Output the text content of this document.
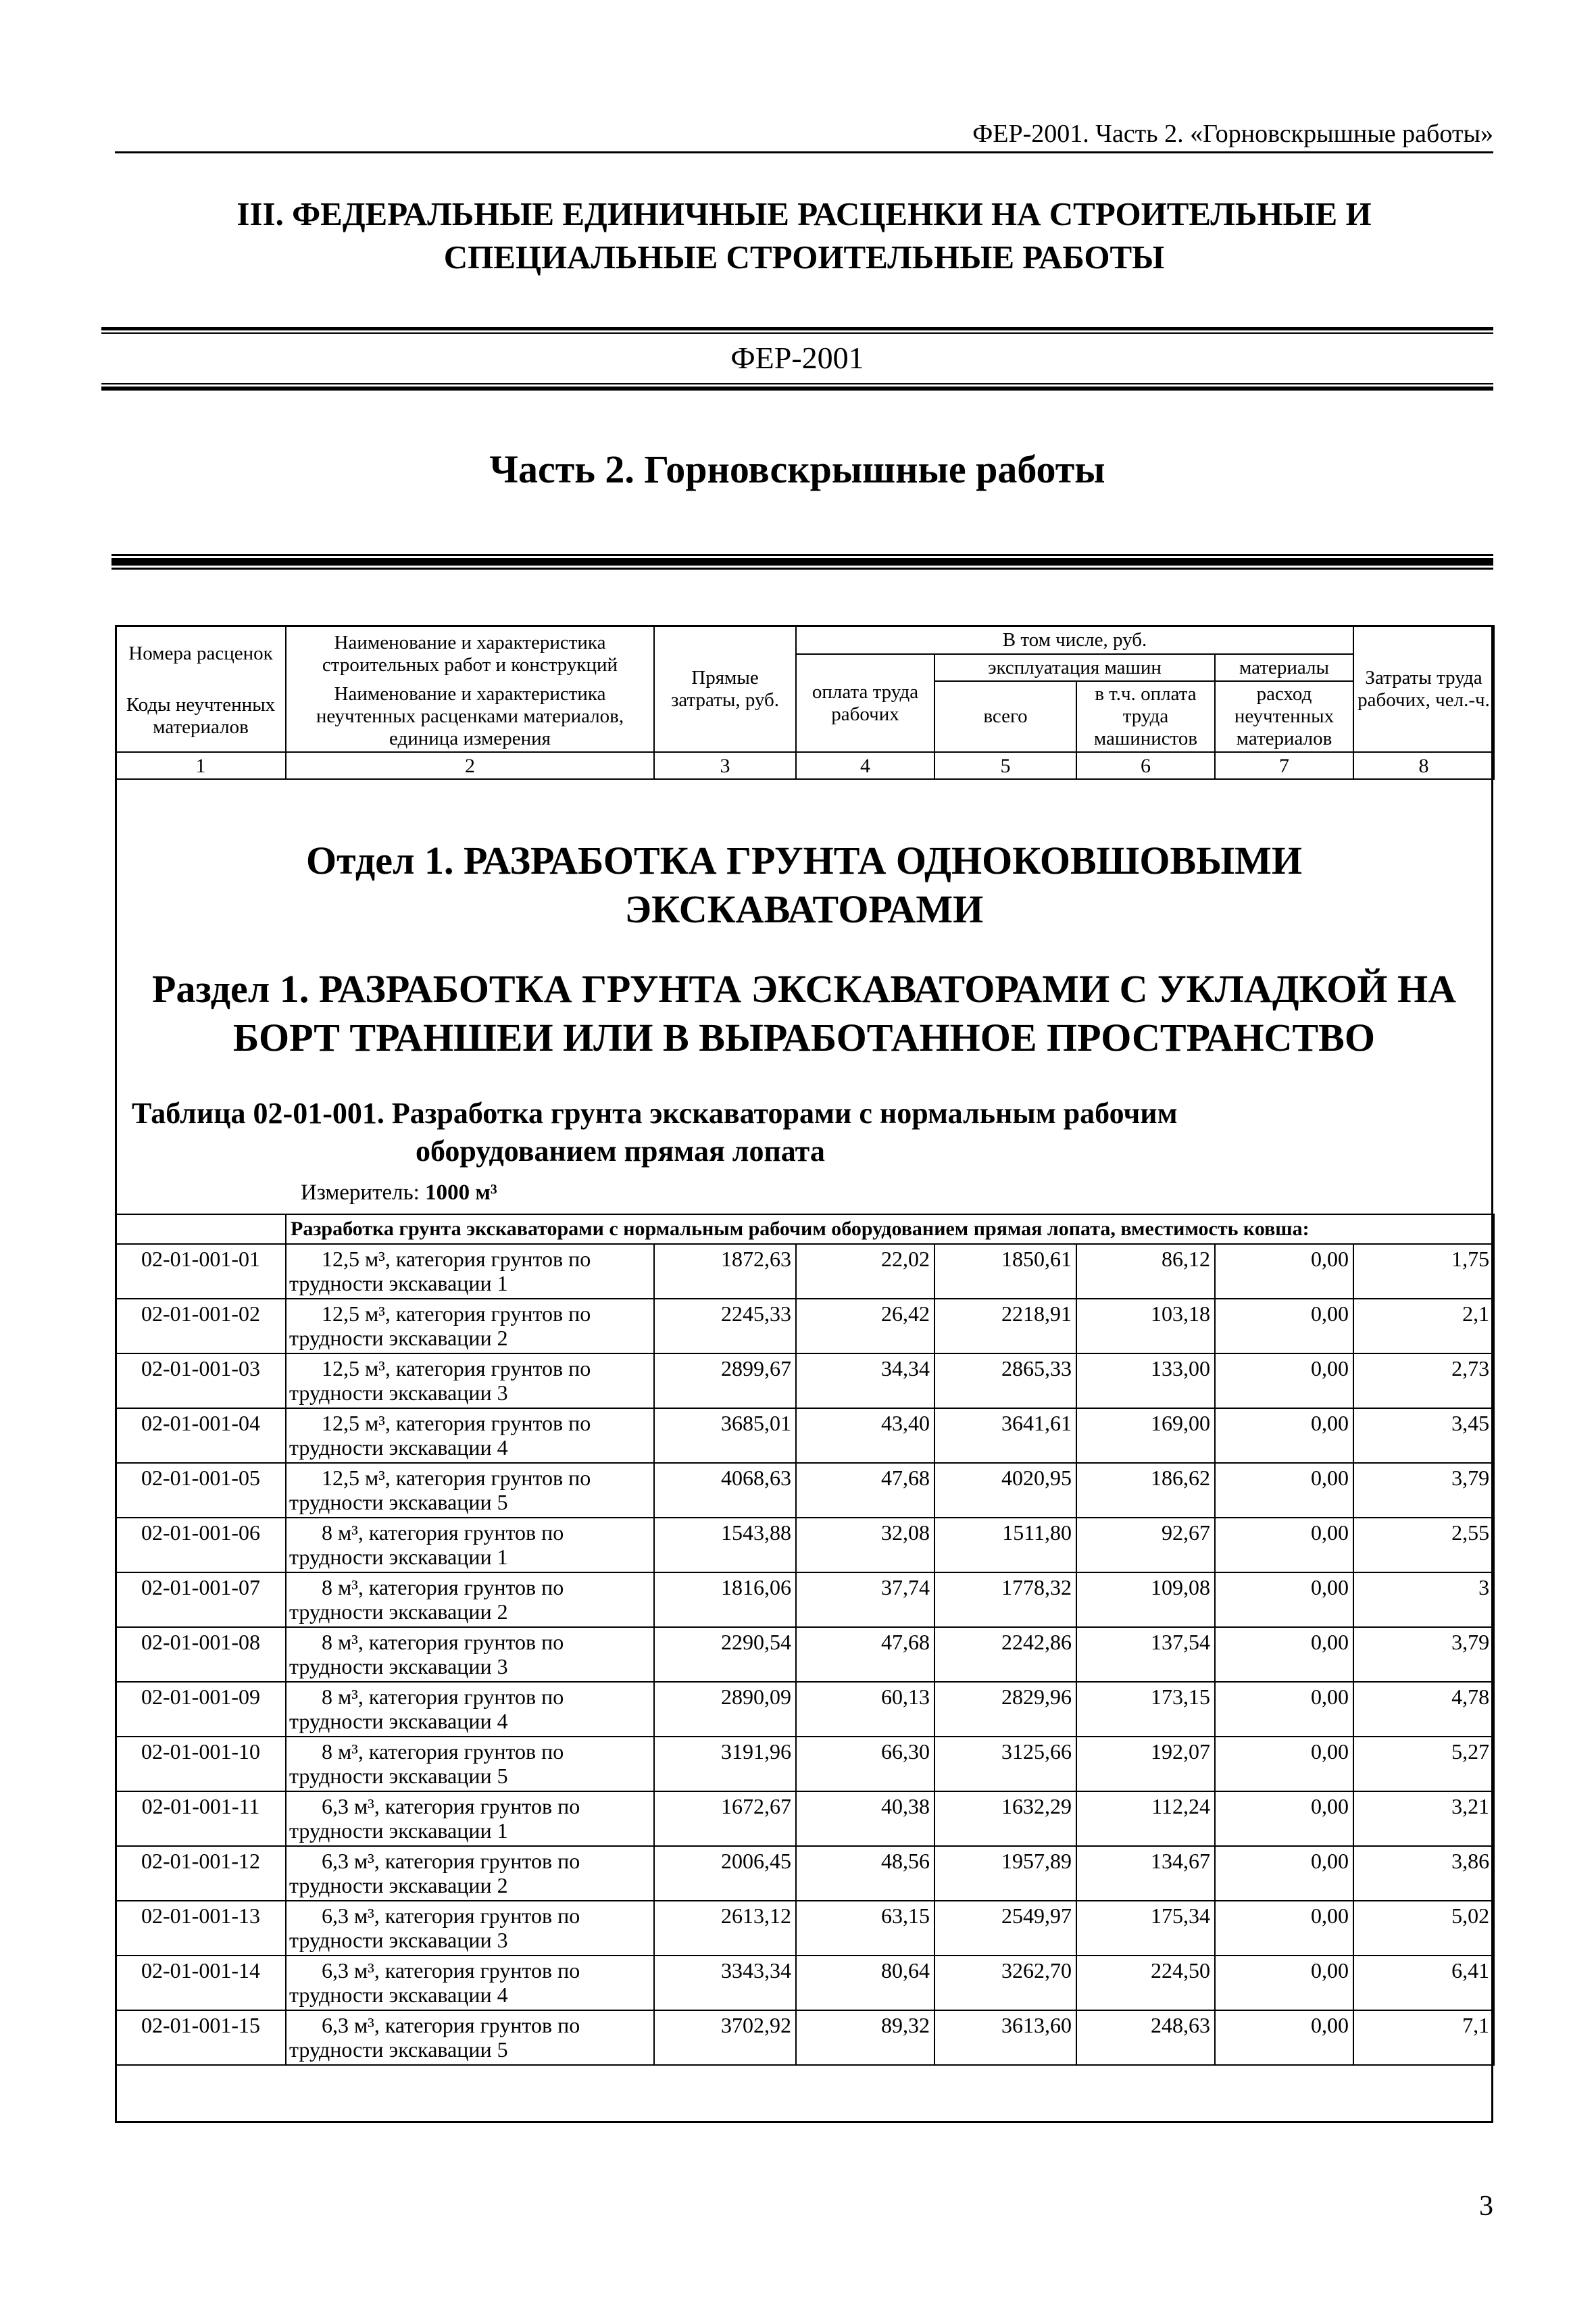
ФЕР-2001. Часть 2. «Горновскрышные работы»
III. ФЕДЕРАЛЬНЫЕ ЕДИНИЧНЫЕ РАСЦЕНКИ НА СТРОИТЕЛЬНЫЕ И
СПЕЦИАЛЬНЫЕ СТРОИТЕЛЬНЫЕ РАБОТЫ
ФЕР-2001
Часть 2. Горновскрышные работы
Номера расценок	Наименование и характеристика строительных работ и конструкций	Прямые затраты, руб.	В том числе, руб.				Затраты труда рабочих, чел.-ч.
			оплата труда рабочих	эксплуатация машин		материалы	
Коды неучтенных материалов	Наименование и характеристика неучтенных расценками материалов, единица измерения			всего	в т.ч. оплата труда машинистов	расход неучтенных материалов	

1	2	3	4	5	6	7	8
Отдел 1. РАЗРАБОТКА ГРУНТА ОДНОКОВШОВЫМИ
ЭКСКАВАТОРАМИ
Раздел 1. РАЗРАБОТКА ГРУНТА ЭКСКАВАТОРАМИ С УКЛАДКОЙ НА
БОРТ ТРАНШЕИ ИЛИ В ВЫРАБОТАННОЕ ПРОСТРАНСТВО
Таблица 02-01-001. Разработка грунта экскаваторами с нормальным рабочим
оборудованием прямая лопата
Измеритель: 1000 м³
	Разработка грунта экскаваторами с нормальным рабочим оборудованием прямая лопата, вместимость ковша:						
02-01-001-01	12,5 м³, категория грунтов по
трудности экскавации 1	1872,63	22,02	1850,61	86,12	0,00	1,75
02-01-001-02	12,5 м³, категория грунтов по
трудности экскавации 2	2245,33	26,42	2218,91	103,18	0,00	2,1
02-01-001-03	12,5 м³, категория грунтов по
трудности экскавации 3	2899,67	34,34	2865,33	133,00	0,00	2,73
02-01-001-04	12,5 м³, категория грунтов по
трудности экскавации 4	3685,01	43,40	3641,61	169,00	0,00	3,45
02-01-001-05	12,5 м³, категория грунтов по
трудности экскавации 5	4068,63	47,68	4020,95	186,62	0,00	3,79
02-01-001-06	8 м³, категория грунтов по
трудности экскавации 1	1543,88	32,08	1511,80	92,67	0,00	2,55
02-01-001-07	8 м³, категория грунтов по
трудности экскавации 2	1816,06	37,74	1778,32	109,08	0,00	3
02-01-001-08	8 м³, категория грунтов по
трудности экскавации 3	2290,54	47,68	2242,86	137,54	0,00	3,79
02-01-001-09	8 м³, категория грунтов по
трудности экскавации 4	2890,09	60,13	2829,96	173,15	0,00	4,78
02-01-001-10	8 м³, категория грунтов по
трудности экскавации 5	3191,96	66,30	3125,66	192,07	0,00	5,27
02-01-001-11	6,3 м³, категория грунтов по
трудности экскавации 1	1672,67	40,38	1632,29	112,24	0,00	3,21
02-01-001-12	6,3 м³, категория грунтов по
трудности экскавации 2	2006,45	48,56	1957,89	134,67	0,00	3,86
02-01-001-13	6,3 м³, категория грунтов по
трудности экскавации 3	2613,12	63,15	2549,97	175,34	0,00	5,02
02-01-001-14	6,3 м³, категория грунтов по
трудности экскавации 4	3343,34	80,64	3262,70	224,50	0,00	6,41
02-01-001-15	6,3 м³, категория грунтов по
трудности экскавации 5	3702,92	89,32	3613,60	248,63	0,00	7,1
3
